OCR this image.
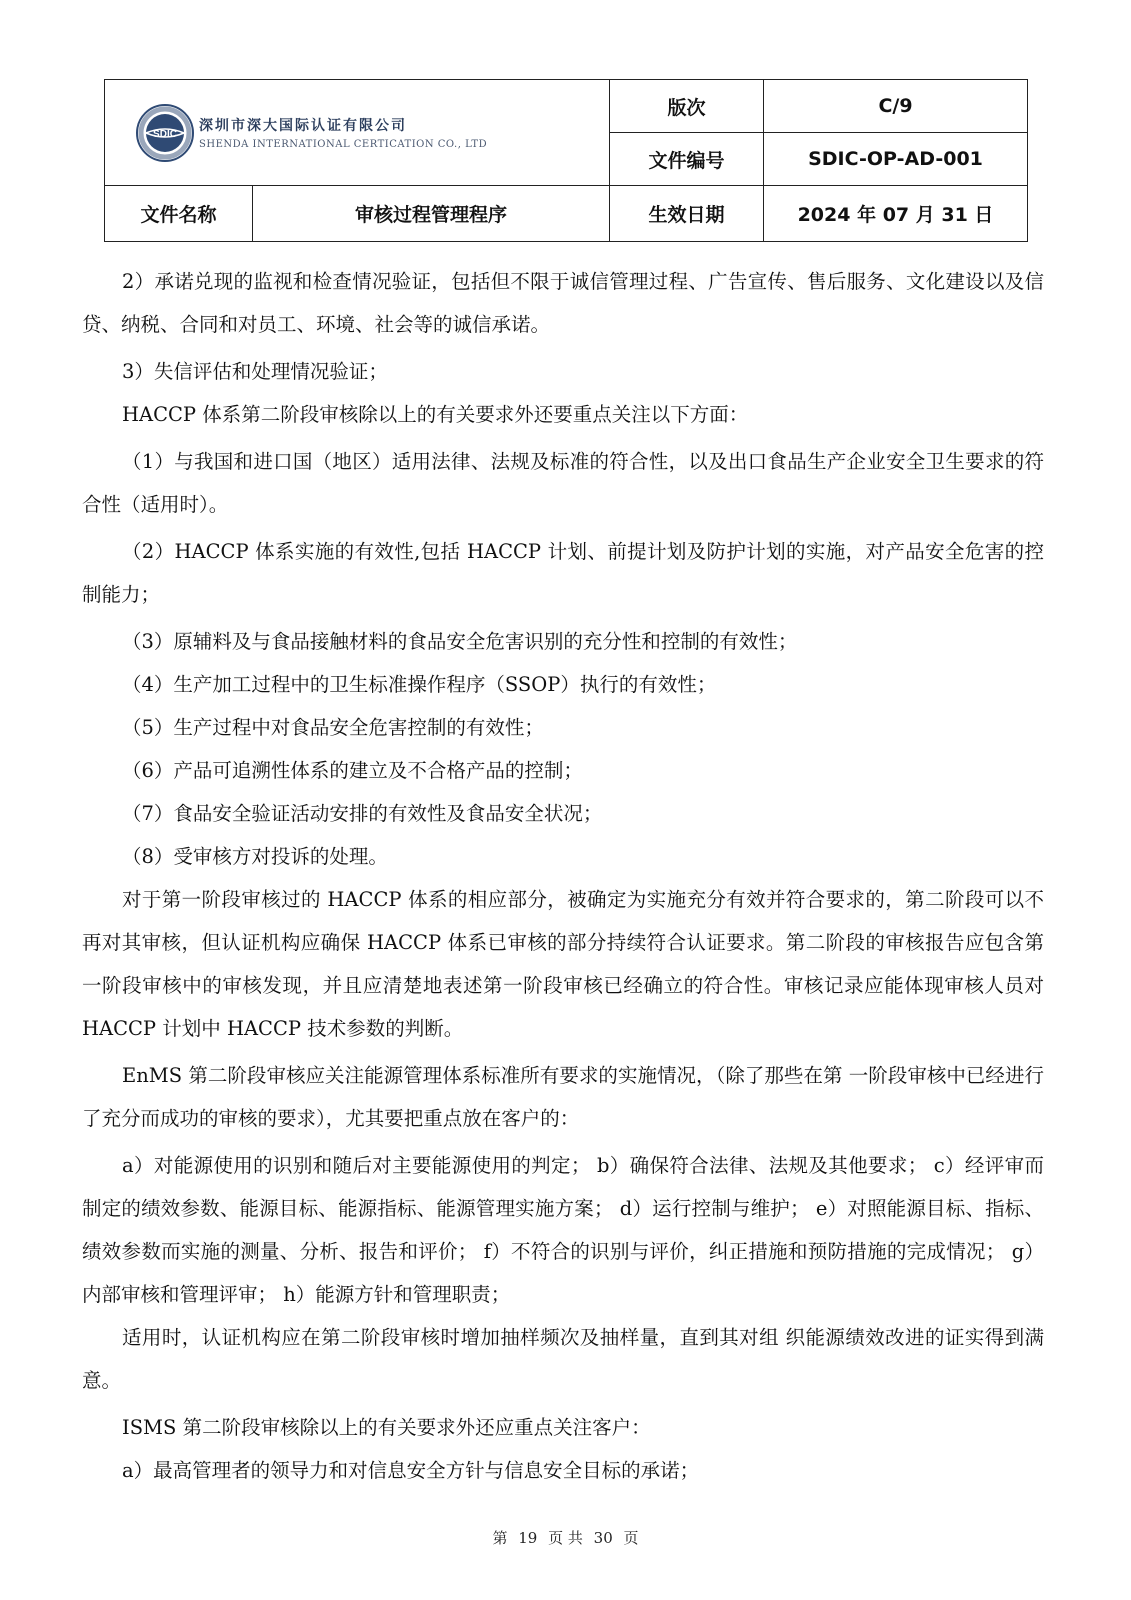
SDIC 深圳市深大国际认证有限公司
SHENDA INTERNATIONAL CERTICATION CO., LTD		版次	C/9
		文件编号	SDIC-OP-AD-001
文件名称	审核过程管理程序	生效日期	2024 年 07 月 31 日

2）承诺兑现的监视和检查情况验证，包括但不限于诚信管理过程、广告宣传、售后服务、文化建设以及信贷、纳税、合同和对员工、环境、社会等的诚信承诺。

3）失信评估和处理情况验证；

HACCP 体系第二阶段审核除以上的有关要求外还要重点关注以下方面：

（1）与我国和进口国（地区）适用法律、法规及标准的符合性，以及出口食品生产企业安全卫生要求的符合性（适用时）。

（2）HACCP 体系实施的有效性,包括 HACCP 计划、前提计划及防护计划的实施，对产品安全危害的控制能力；

（3）原辅料及与食品接触材料的食品安全危害识别的充分性和控制的有效性；

（4）生产加工过程中的卫生标准操作程序（SSOP）执行的有效性；

（5）生产过程中对食品安全危害控制的有效性；

（6）产品可追溯性体系的建立及不合格产品的控制；

（7）食品安全验证活动安排的有效性及食品安全状况；

（8）受审核方对投诉的处理。

对于第一阶段审核过的 HACCP 体系的相应部分，被确定为实施充分有效并符合要求的，第二阶段可以不再对其审核，但认证机构应确保 HACCP 体系已审核的部分持续符合认证要求。第二阶段的审核报告应包含第一阶段审核中的审核发现，并且应清楚地表述第一阶段审核已经确立的符合性。审核记录应能体现审核人员对 HACCP 计划中 HACCP 技术参数的判断。

EnMS 第二阶段审核应关注能源管理体系标准所有要求的实施情况，（除了那些在第 一阶段审核中已经进行了充分而成功的审核的要求），尤其要把重点放在客户的：

a）对能源使用的识别和随后对主要能源使用的判定； b）确保符合法律、法规及其他要求； c）经评审而制定的绩效参数、能源目标、能源指标、能源管理实施方案； d）运行控制与维护； e）对照能源目标、指标、绩效参数而实施的测量、分析、报告和评价； f）不符合的识别与评价，纠正措施和预防措施的完成情况； g）内部审核和管理评审； h）能源方针和管理职责；

适用时，认证机构应在第二阶段审核时增加抽样频次及抽样量，直到其对组 织能源绩效改进的证实得到满意。

ISMS 第二阶段审核除以上的有关要求外还应重点关注客户：

a）最高管理者的领导力和对信息安全方针与信息安全目标的承诺；

第 19 页 共 30 页
